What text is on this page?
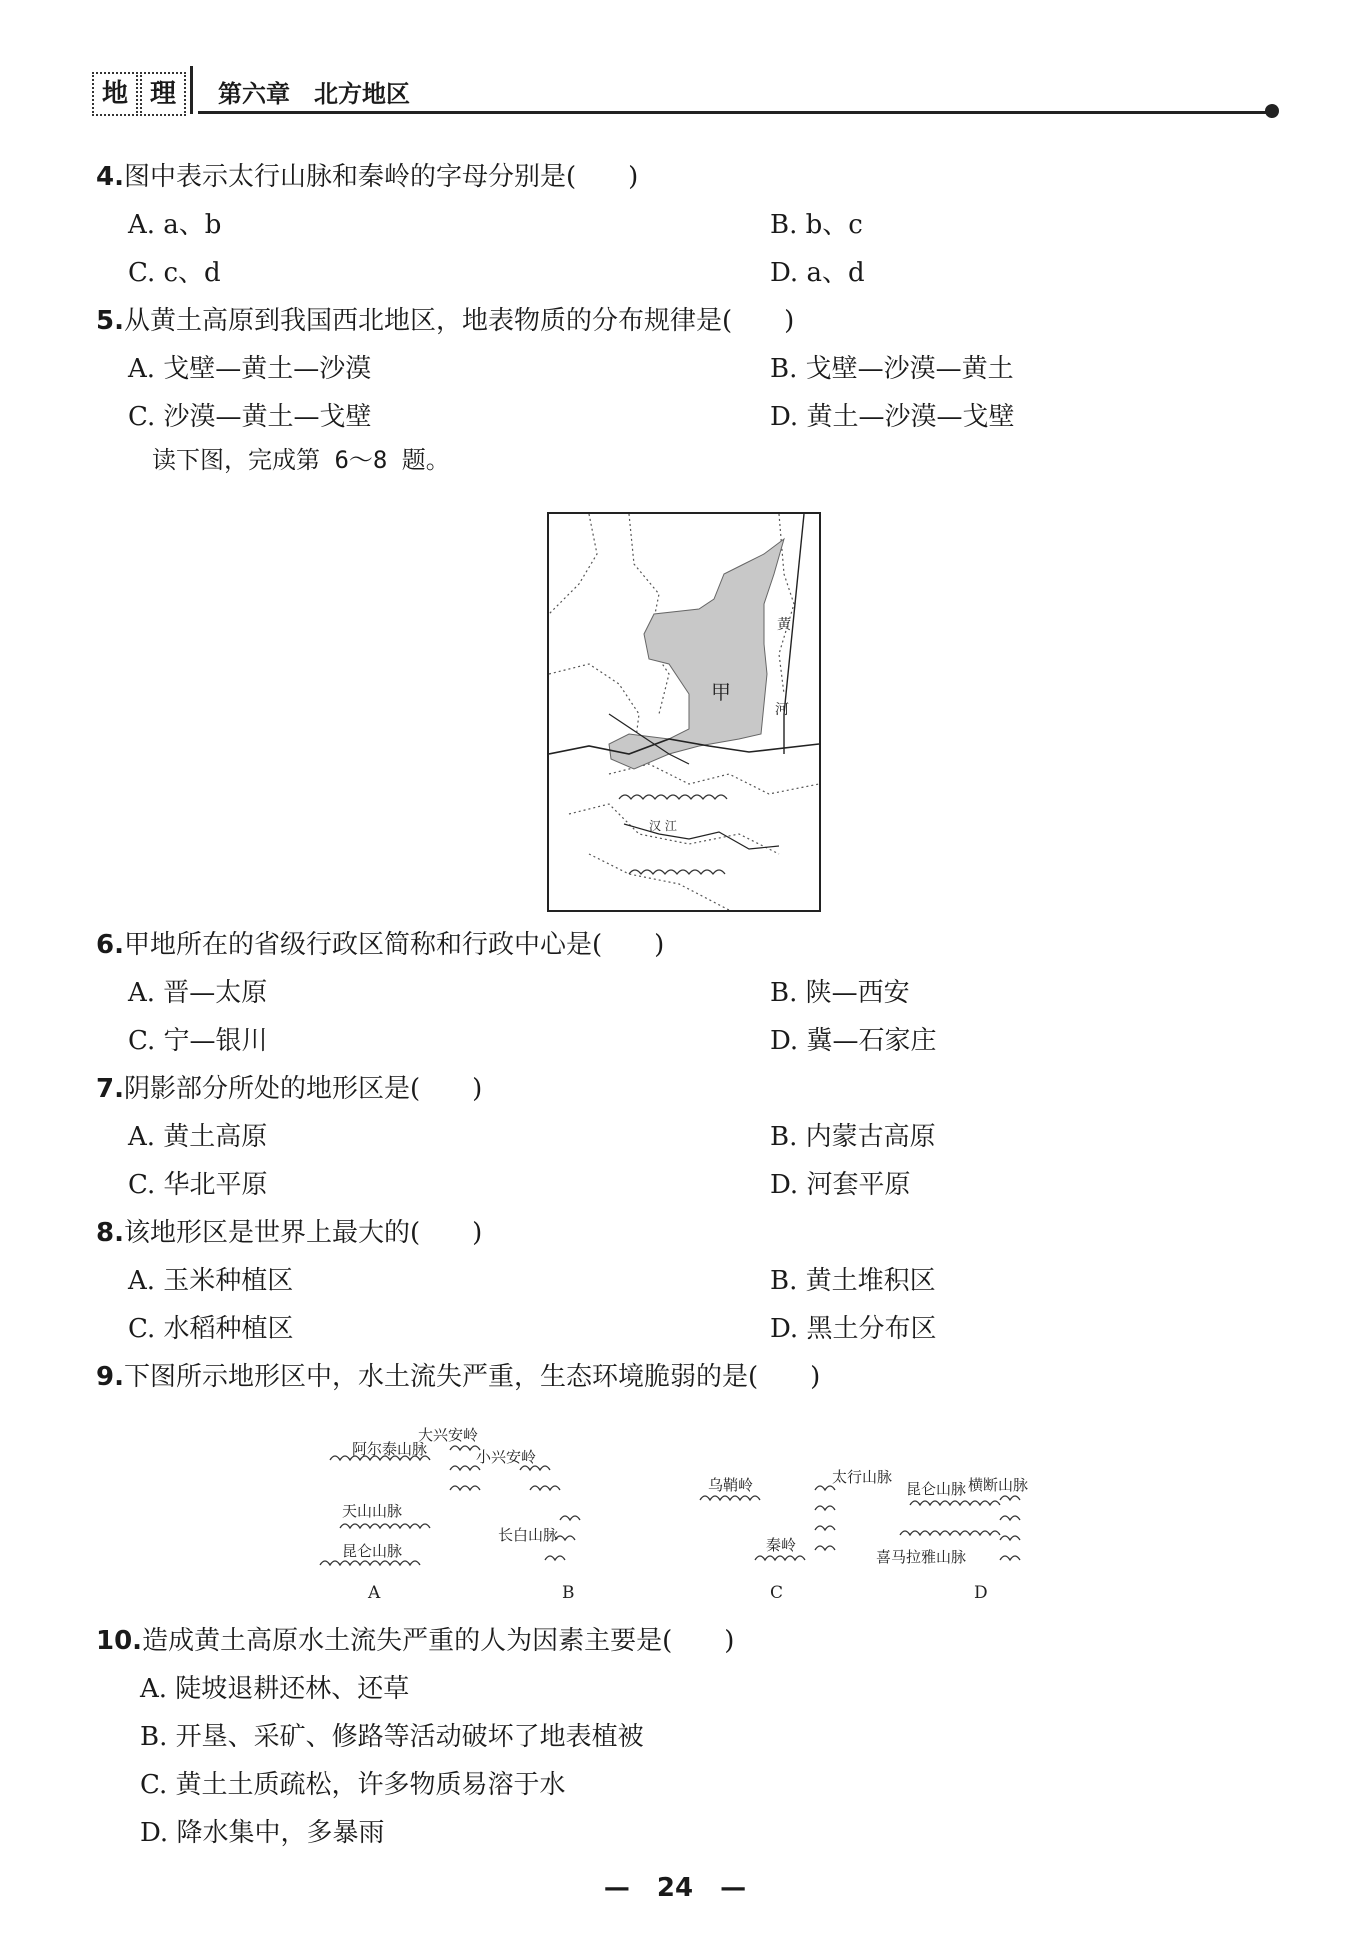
地 理	第六章　北方地区
4.图中表示太行山脉和秦岭的字母分别是(　　)
A. a、b	B. b、c
C. c、d	D. a、d
5.从黄土高原到我国西北地区，地表物质的分布规律是(　　)
A. 戈壁—黄土—沙漠	B. 戈壁—沙漠—黄土
C. 沙漠—黄土—戈壁	D. 黄土—沙漠—戈壁
读下图，完成第 6～8 题。
甲
黄
河
汉 江
6.甲地所在的省级行政区简称和行政中心是(　　)
A. 晋—太原	B. 陕—西安
C. 宁—银川	D. 冀—石家庄
7.阴影部分所处的地形区是(　　)
A. 黄土高原	B. 内蒙古高原
C. 华北平原	D. 河套平原
8.该地形区是世界上最大的(　　)
A. 玉米种植区	B. 黄土堆积区
C. 水稻种植区	D. 黑土分布区
9.下图所示地形区中，水土流失严重，生态环境脆弱的是(　　)
阿尔泰山脉
天山山脉
昆仑山脉
A
大兴安岭
小兴安岭
长白山脉
B
乌鞘岭
秦岭
太行山脉
C
昆仑山脉 横断山脉
喜马拉雅山脉
D
10.造成黄土高原水土流失严重的人为因素主要是(　　)
A. 陡坡退耕还林、还草
B. 开垦、采矿、修路等活动破坏了地表植被
C. 黄土土质疏松，许多物质易溶于水
D. 降水集中，多暴雨
— 24 —
